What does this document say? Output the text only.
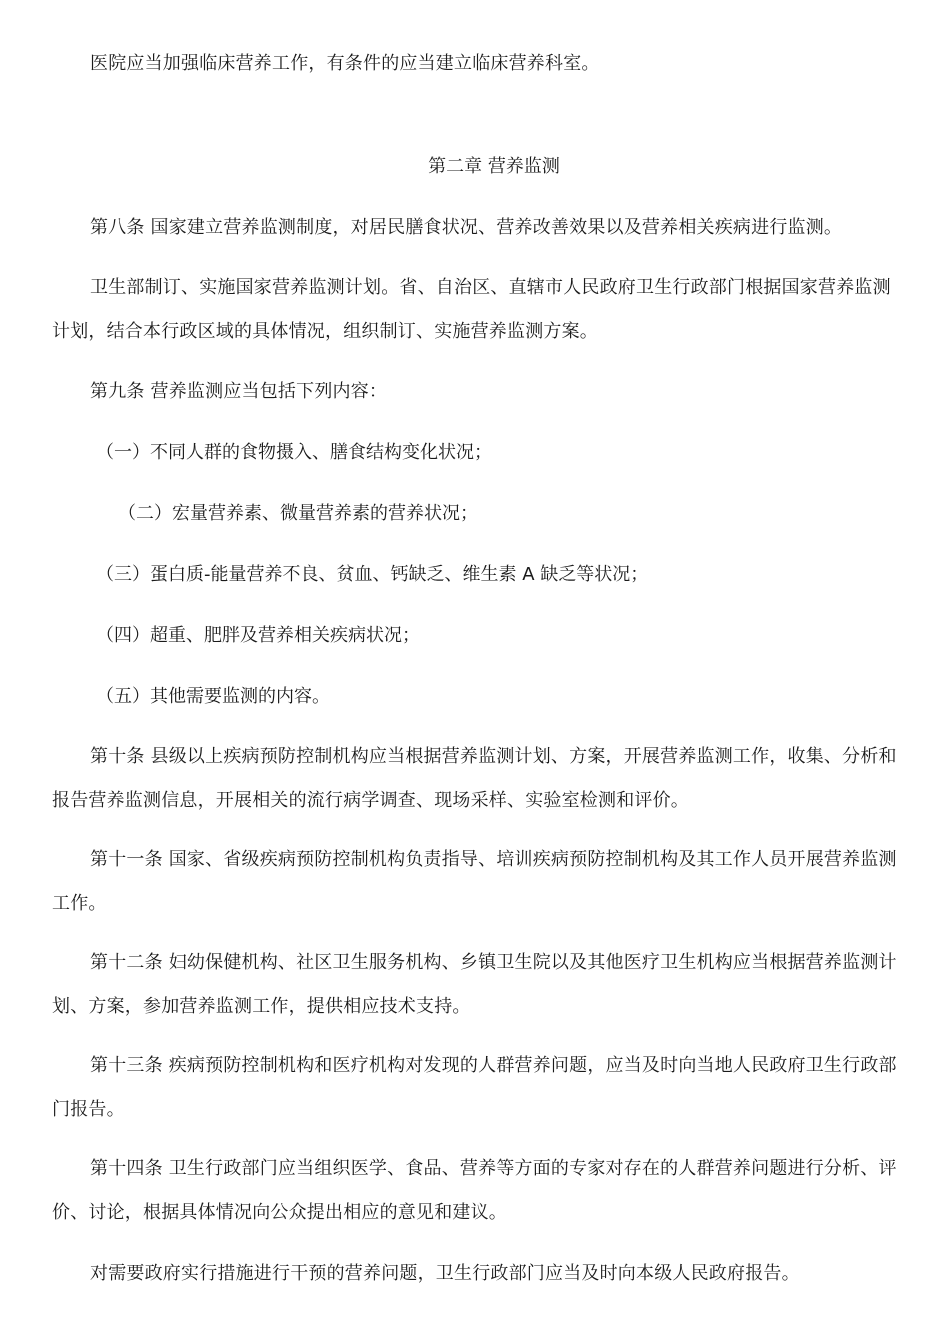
医院应当加强临床营养工作，有条件的应当建立临床营养科室。

第二章 营养监测

第八条 国家建立营养监测制度，对居民膳食状况、营养改善效果以及营养相关疾病进行监测。

卫生部制订、实施国家营养监测计划。省、自治区、直辖市人民政府卫生行政部门根据国家营养监测计划，结合本行政区域的具体情况，组织制订、实施营养监测方案。

第九条 营养监测应当包括下列内容：

（一）不同人群的食物摄入、膳食结构变化状况；

（二）宏量营养素、微量营养素的营养状况；

（三）蛋白质-能量营养不良、贫血、钙缺乏、维生素 A 缺乏等状况；

（四）超重、肥胖及营养相关疾病状况；

（五）其他需要监测的内容。

第十条 县级以上疾病预防控制机构应当根据营养监测计划、方案，开展营养监测工作，收集、分析和报告营养监测信息，开展相关的流行病学调查、现场采样、实验室检测和评价。

第十一条 国家、省级疾病预防控制机构负责指导、培训疾病预防控制机构及其工作人员开展营养监测工作。

第十二条 妇幼保健机构、社区卫生服务机构、乡镇卫生院以及其他医疗卫生机构应当根据营养监测计划、方案，参加营养监测工作，提供相应技术支持。

第十三条 疾病预防控制机构和医疗机构对发现的人群营养问题，应当及时向当地人民政府卫生行政部门报告。

第十四条 卫生行政部门应当组织医学、食品、营养等方面的专家对存在的人群营养问题进行分析、评价、讨论，根据具体情况向公众提出相应的意见和建议。

对需要政府实行措施进行干预的营养问题，卫生行政部门应当及时向本级人民政府报告。
